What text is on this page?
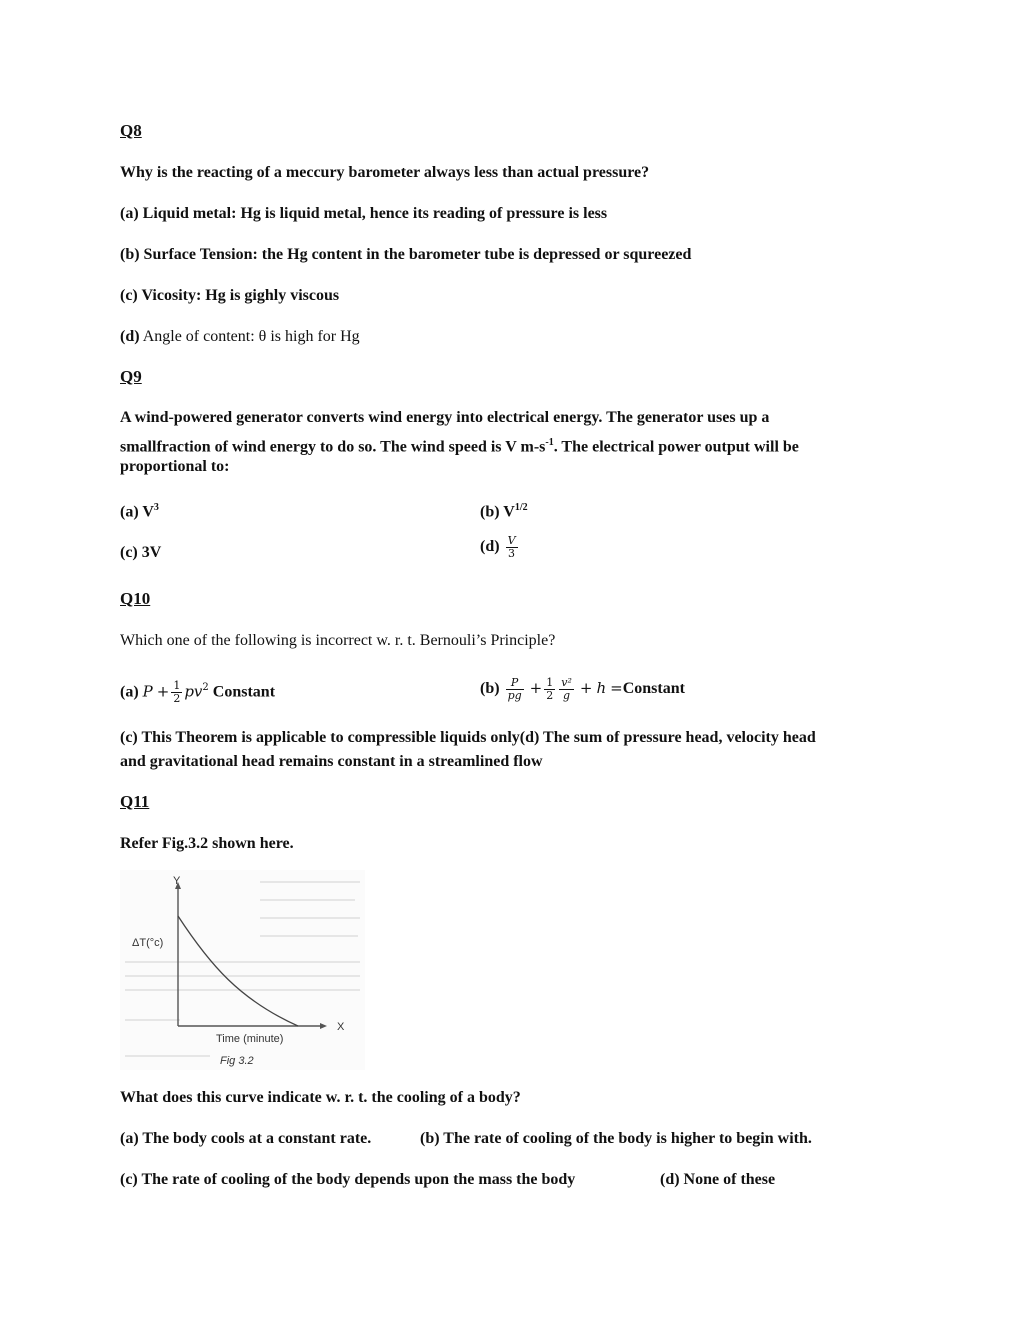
Q8
Why is the reacting of a meccury barometer always less than actual pressure?
(a) Liquid metal: Hg is liquid metal, hence its reading of pressure is less
(b) Surface Tension: the Hg content in the barometer tube is depressed or squreezed
(c) Vicosity: Hg is gighly viscous
(d) Angle of content: θ is high for Hg
Q9
A wind-powered generator converts wind energy into electrical energy. The generator uses up a
smallfraction of wind energy to do so. The wind speed is V $m-s^{-1}$. The electrical power output will be
proportional to:
(a) $V^3$	(b) $V^{1/2}$
(c) 3V	$(d) \frac{V}{3}$
Q10
Which one of the following is incorrect w. r. t. Bernouli’s Principle?
(a) $P + \frac{1}{2} pv^2$ Constant	$(b) \frac{P}{pg} + \frac{1}{2} \frac{\text{v²}}{g} + h$ =Constant
(c) This Theorem is applicable to compressible liquids only(d) The sum of pressure head, velocity head
and gravitational head remains constant in a streamlined flow
Q11
Refer Fig.3.2 shown here.
Y
X
ΔT(°c)
Time (minute)
Fig 3.2
What does this curve indicate w. r. t. the cooling of a body?
(a) The body cools at a constant rate.	(b) The rate of cooling of the body is higher to begin with.
(c) The rate of cooling of the body depends upon the mass the body	(d) None of these
